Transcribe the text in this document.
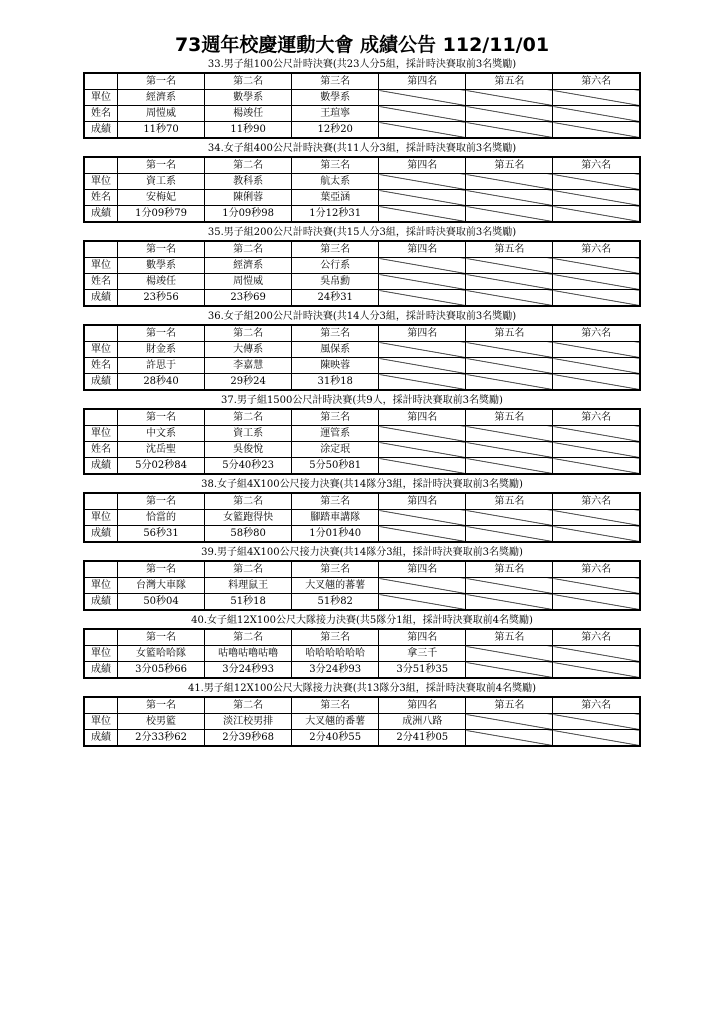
73週年校慶運動大會 成績公告 112/11/01
33.男子組100公尺計時決賽(共23人分5組，採計時決賽取前3名獎勵)
	第一名	第二名	第三名	第四名	第五名	第六名
單位	經濟系	數學系	數學系			
姓名	周愷威	楊竣任	王瑄寧			
成績	11秒70	11秒90	12秒20			
34.女子組400公尺計時決賽(共11人分3組，採計時決賽取前3名獎勵)
	第一名	第二名	第三名	第四名	第五名	第六名
單位	資工系	教科系	航太系			
姓名	安梅妃	陳俐蓉	葉亞涵			
成績	1分09秒79	1分09秒98	1分12秒31			
35.男子組200公尺計時決賽(共15人分3組，採計時決賽取前3名獎勵)
	第一名	第二名	第三名	第四名	第五名	第六名
單位	數學系	經濟系	公行系			
姓名	楊竣任	周愷威	吳帛勳			
成績	23秒56	23秒69	24秒31			
36.女子組200公尺計時決賽(共14人分3組，採計時決賽取前3名獎勵)
	第一名	第二名	第三名	第四名	第五名	第六名
單位	財金系	大傳系	風保系			
姓名	許思于	李嘉慧	陳映蓉			
成績	28秒40	29秒24	31秒18			
37.男子組1500公尺計時決賽(共9人，採計時決賽取前3名獎勵)
	第一名	第二名	第三名	第四名	第五名	第六名
單位	中文系	資工系	運管系			
姓名	沈岳聖	吳俊悅	涂定珉			
成績	5分02秒84	5分40秒23	5分50秒81			
38.女子組4X100公尺接力決賽(共14隊分3組，採計時決賽取前3名獎勵)
	第一名	第二名	第三名	第四名	第五名	第六名
單位	恰當的	女籃跑得快	腳踏車講隊			
成績	56秒31	58秒80	1分01秒40			
39.男子組4X100公尺接力決賽(共14隊分3組，採計時決賽取前3名獎勵)
	第一名	第二名	第三名	第四名	第五名	第六名
單位	台灣大車隊	料理鼠王	大叉翹的蕃薯			
成績	50秒04	51秒18	51秒82			
40.女子組12X100公尺大隊接力決賽(共5隊分1組，採計時決賽取前4名獎勵)
	第一名	第二名	第三名	第四名	第五名	第六名
單位	女籃哈哈隊	咕嚕咕嚕咕嚕	哈哈哈哈哈哈	拿三千		
成績	3分05秒66	3分24秒93	3分24秒93	3分51秒35		
41.男子組12X100公尺大隊接力決賽(共13隊分3組，採計時決賽取前4名獎勵)
	第一名	第二名	第三名	第四名	第五名	第六名
單位	校男籃	淡江校男排	大叉翹的番薯	成洲八路		
成績	2分33秒62	2分39秒68	2分40秒55	2分41秒05		
